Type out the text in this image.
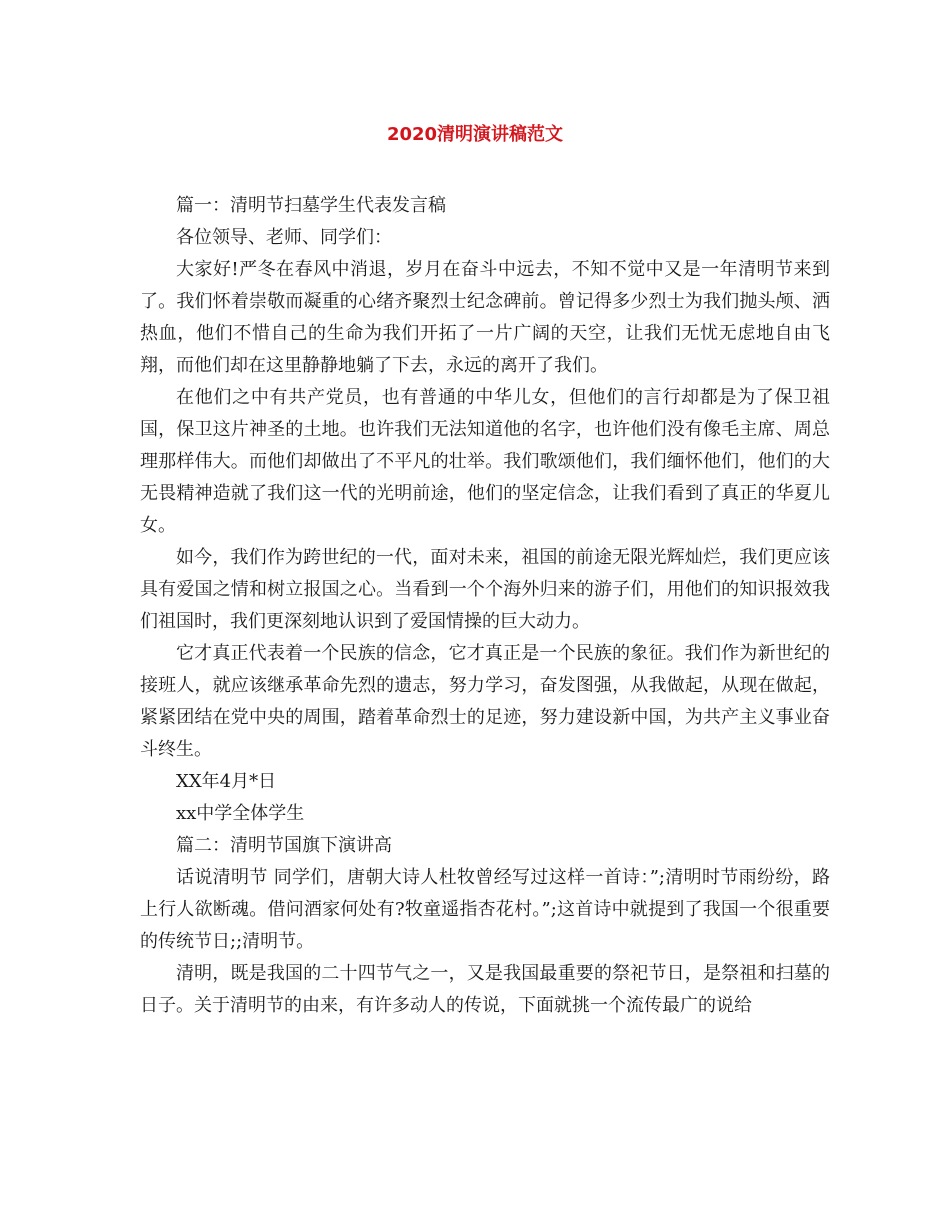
2020清明演讲稿范文

篇一：清明节扫墓学生代表发言稿

各位领导、老师、同学们：

大家好!严冬在春风中消退，岁月在奋斗中远去，不知不觉中又是一年清明节来到了。我们怀着崇敬而凝重的心绪齐聚烈士纪念碑前。曾记得多少烈士为我们抛头颅、洒热血，他们不惜自己的生命为我们开拓了一片广阔的天空，让我们无忧无虑地自由飞翔，而他们却在这里静静地躺了下去，永远的离开了我们。

在他们之中有共产党员，也有普通的中华儿女，但他们的言行却都是为了保卫祖国，保卫这片神圣的土地。也许我们无法知道他的名字，也许他们没有像毛主席、周总理那样伟大。而他们却做出了不平凡的壮举。我们歌颂他们，我们缅怀他们，他们的大无畏精神造就了我们这一代的光明前途，他们的坚定信念，让我们看到了真正的华夏儿女。

如今，我们作为跨世纪的一代，面对未来，祖国的前途无限光辉灿烂，我们更应该具有爱国之情和树立报国之心。当看到一个个海外归来的游子们，用他们的知识报效我们祖国时，我们更深刻地认识到了爱国情操的巨大动力。

它才真正代表着一个民族的信念，它才真正是一个民族的象征。我们作为新世纪的接班人，就应该继承革命先烈的遗志，努力学习，奋发图强，从我做起，从现在做起，紧紧团结在党中央的周围，踏着革命烈士的足迹，努力建设新中国，为共产主义事业奋斗终生。

XX年4月*日

xx中学全体学生

篇二：清明节国旗下演讲高

话说清明节 同学们，唐朝大诗人杜牧曾经写过这样一首诗：”;清明时节雨纷纷，路上行人欲断魂。借问酒家何处有?牧童遥指杏花村。”;这首诗中就提到了我国一个很重要的传统节日;;清明节。

清明，既是我国的二十四节气之一，又是我国最重要的祭祀节日，是祭祖和扫墓的日子。关于清明节的由来，有许多动人的传说，下面就挑一个流传最广的说给
